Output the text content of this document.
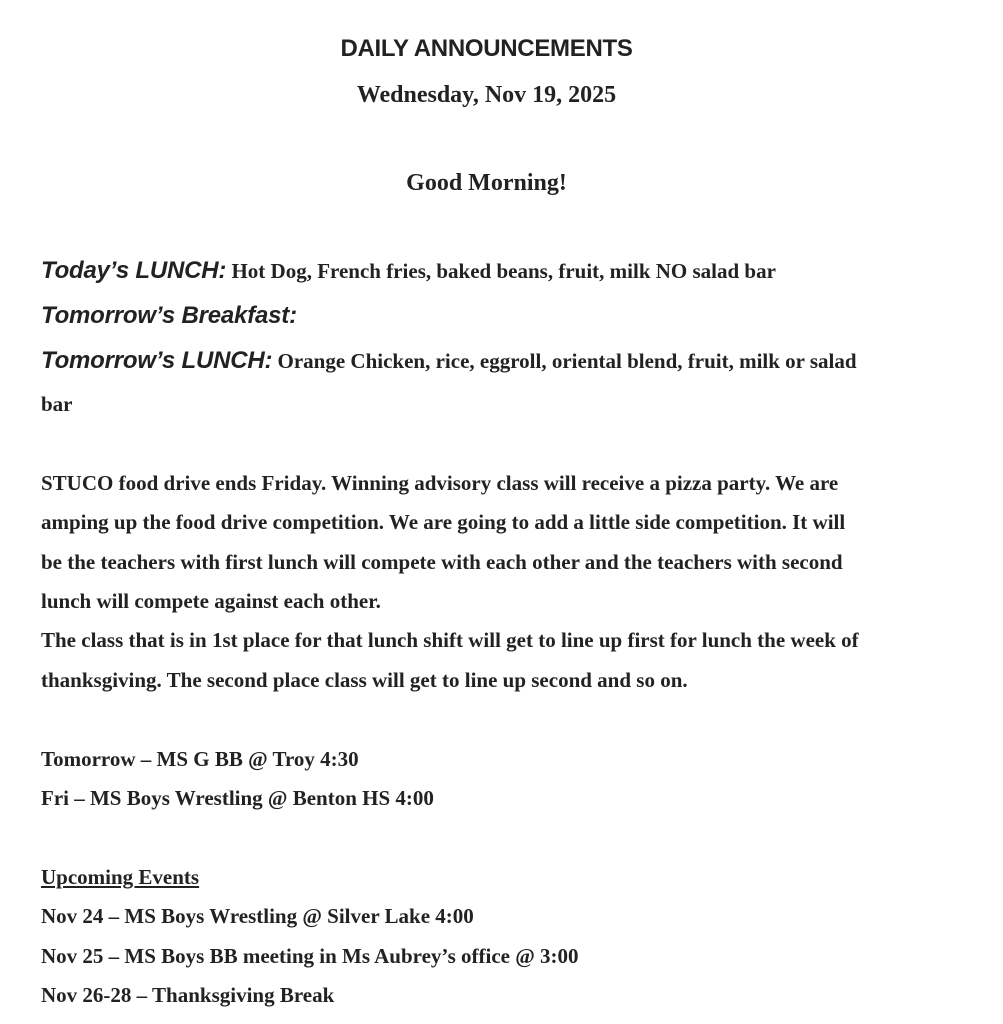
DAILY ANNOUNCEMENTS
Wednesday, Nov 19, 2025
Good Morning!
Today’s LUNCH: Hot Dog, French fries, baked beans, fruit, milk NO salad bar
Tomorrow’s Breakfast:
Tomorrow’s LUNCH: Orange Chicken, rice, eggroll, oriental blend, fruit, milk or salad
bar
STUCO food drive ends Friday. Winning advisory class will receive a pizza party. We are
amping up the food drive competition. We are going to add a little side competition. It will
be the teachers with first lunch will compete with each other and the teachers with second
lunch will compete against each other.
The class that is in 1st place for that lunch shift will get to line up first for lunch the week of
thanksgiving. The second place class will get to line up second and so on.
Tomorrow – MS G BB @ Troy 4:30
Fri – MS Boys Wrestling @ Benton HS 4:00
Upcoming Events
Nov 24 – MS Boys Wrestling @ Silver Lake 4:00
Nov 25 – MS Boys BB meeting in Ms Aubrey’s office @ 3:00
Nov 26-28 – Thanksgiving Break
